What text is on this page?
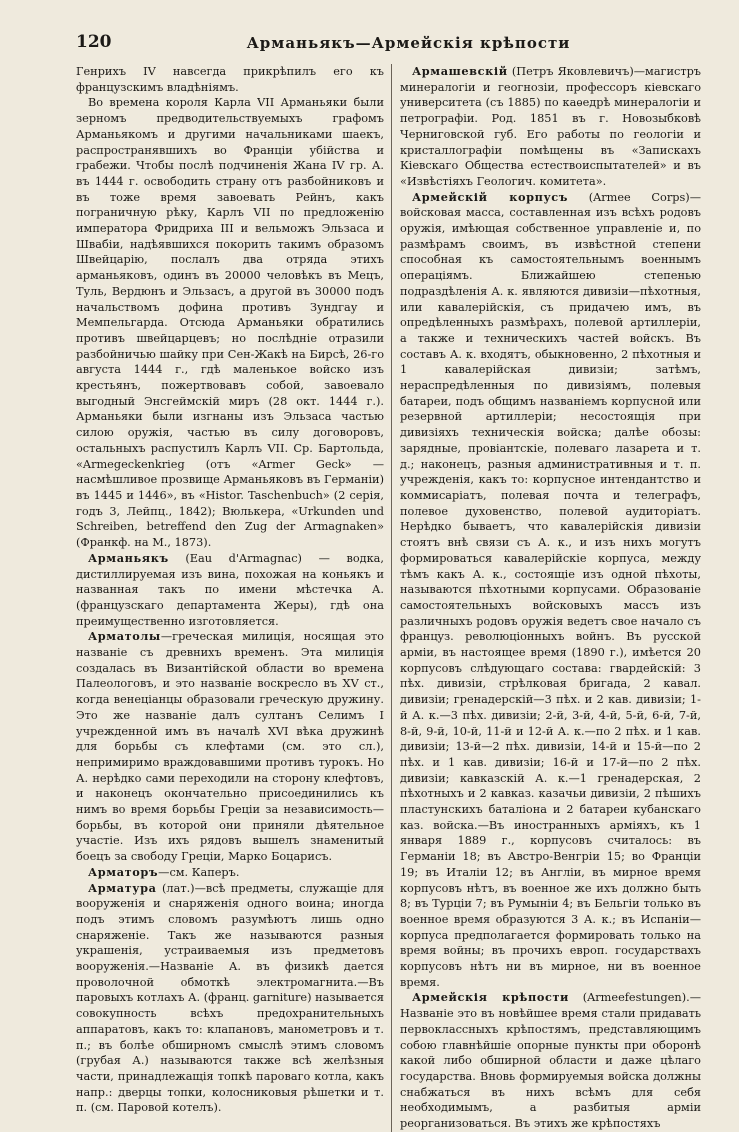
120	Арманьякъ—Армейскія крѣпости

Генрихъ IV навсегда прикрѣпилъ его къ французскимъ владѣніямъ.

Во времена короля Карла VII Арманьяки были зерномъ предводительствуемыхъ графомъ Арманьякомъ и другими начальниками шаекъ, распространявшихъ во Франціи убійства и грабежи. Чтобы послѣ подчиненія Жана IV гр. А. въ 1444 г. освободить страну отъ разбойниковъ и въ тоже время завоевать Рейнъ, какъ пограничную рѣку, Карлъ VII по предложенію императора Фридриха III и вельможъ Эльзаса и Швабіи, надѣявшихся покорить такимъ образомъ Швейцарію, послалъ два отряда этихъ арманьяковъ, одинъ въ 20000 человѣкъ въ Мецъ, Туль, Вердюнъ и Эльзасъ, а другой въ 30000 подъ начальствомъ дофина противъ Зундгау и Мемпельгарда. Отсюда Арманьяки обратились противъ швейцарцевъ; но послѣдніе отразили разбойничью шайку при Сен-Жакѣ на Бирсѣ, 26-го августа 1444 г., гдѣ маленькое войско изъ крестьянъ, пожертвовавъ собой, завоевало выгодный Энсгеймскій миръ (28 окт. 1444 г.). Арманьяки были изгнаны изъ Эльзаса частью силою оружія, частью въ силу договоровъ, остальныхъ распустилъ Карлъ VII. Ср. Бартольда, «Armegeckenkrieg (отъ «Armer Geck» —насмѣшливое прозвище Арманьяковъ въ Германіи) въ 1445 и 1446», въ «Histor. Taschenbuch» (2 серія, годъ 3, Лейпц., 1842); Вюлькера, «Urkunden und Schreiben, betreffend den Zug der Armagnaken» (Франкф. на М., 1873).

Арманьякъ (Eau d'Armagnac) — водка, дистиллируемая изъ вина, похожая на коньякъ и названная такъ по имени мѣстечка А. (французскаго департамента Жеры), гдѣ она преимущественно изготовляется.

Арматолы—греческая милиція, носящая это названіе съ древнихъ временъ. Эта милиція создалась въ Византійской области во времена Палеологовъ, и это названіе воскресло въ XV ст., когда венеціанцы образовали греческую дружину. Это же названіе далъ султанъ Селимъ I учрежденной имъ въ началѣ XVI вѣка дружинѣ для борьбы съ клефтами (см. это сл.), непримиримо враждовавшими противъ турокъ. Но А. нерѣдко сами переходили на сторону клефтовъ, и наконецъ окончательно присоединились къ нимъ во время борьбы Греціи за независимость—борьбы, въ которой они приняли дѣятельное участіе. Изъ ихъ рядовъ вышелъ знаменитый боецъ за свободу Греціи, Марко Боцарисъ.

Арматоръ—см. Каперъ.

Арматура (лат.)—всѣ предметы, служащіе для вооруженія и снаряженія одного воина; иногда подъ этимъ словомъ разумѣютъ лишь одно снаряженіе. Такъ же называются разныя украшенія, устраиваемыя изъ предметовъ вооруженія.—Названіе А. въ физикѣ дается проволочной обмоткѣ электромагнита.—Въ паровыхъ котлахъ А. (франц. garniture) называется совокупность всѣхъ предохранительныхъ аппаратовъ, какъ то: клапановъ, манометровъ и т. п.; въ болѣе обширномъ смыслѣ этимъ словомъ (грубая А.) называются также всѣ желѣзныя части, принадлежащія топкѣ пароваго котла, какъ напр.: дверцы топки, колосниковыя рѣшетки и т. п. (см. Паровой котелъ).

Армашевскій (Петръ Яковлевичъ)—магистръ минералогіи и геогнозіи, профессоръ кіевскаго университета (съ 1885) по каѳедрѣ минералогіи и петрографіи. Род. 1851 въ г. Новозыбковѣ Черниговской губ. Его работы по геологіи и кристаллографіи помѣщены въ «Запискахъ Кіевскаго Общества естествоиспытателей» и въ «Извѣстіяхъ Геологич. комитета».

Армейскій корпусъ (Armee Corps)—войсковая масса, составленная изъ всѣхъ родовъ оружія, имѣющая собственное управленіе и, по размѣрамъ своимъ, въ извѣстной степени способная къ самостоятельнымъ военнымъ операціямъ. Ближайшею степенью подраздѣленія А. к. являются дивизіи—пѣхотныя, или кавалерійскія, съ придачею имъ, въ опредѣленныхъ размѣрахъ, полевой артиллеріи, а также и техническихъ частей войскъ. Въ составъ А. к. входятъ, обыкновенно, 2 пѣхотныя и 1 кавалерійская дивизіи; затѣмъ, нераспредѣленныя по дивизіямъ, полевыя батареи, подъ общимъ названіемъ корпусной или резервной артиллеріи; несостоящія при дивизіяхъ техническія войска; далѣе обозы: зарядные, провіантскіе, полеваго лазарета и т. д.; наконецъ, разныя административныя и т. п. учрежденія, какъ то: корпусное интендантство и коммисаріатъ, полевая почта и телеграфъ, полевое духовенство, полевой аудиторіатъ. Нерѣдко бываетъ, что кавалерійскія дивизіи стоятъ внѣ связи съ А. к., и изъ нихъ могутъ формироваться кавалерійскіе корпуса, между тѣмъ какъ А. к., состоящіе изъ одной пѣхоты, называются пѣхотными корпусами. Образованіе самостоятельныхъ войсковыхъ массъ изъ различныхъ родовъ оружія ведетъ свое начало съ францyз. революціонныхъ войнъ. Въ русской арміи, въ настоящее время (1890 г.), имѣется 20 корпусовъ слѣдующаго состава: гвардейскій: 3 пѣх. дивизіи, стрѣлковая бригада, 2 кавал. дивизіи; гренадерскій—3 пѣх. и 2 кав. дивизіи; 1-й А. к.—3 пѣх. дивизіи; 2-й, 3-й, 4-й, 5-й, 6-й, 7-й, 8-й, 9-й, 10-й, 11-й и 12-й А. к.—по 2 пѣх. и 1 кав. дивизіи; 13-й—2 пѣх. дивизіи, 14-й и 15-й—по 2 пѣх. и 1 кав. дивизіи; 16-й и 17-й—по 2 пѣх. дивизіи; кавказскій А. к.—1 гренадерская, 2 пѣхотныхъ и 2 кавказ. казачьи дивизіи, 2 пѣшихъ пластунскихъ баталіона и 2 батареи кубанскаго каз. войска.—Въ иностранныхъ арміяхъ, къ 1 января 1889 г., корпусовъ считалось: въ Германіи 18; въ Австро-Венгріи 15; во Франціи 19; въ Италіи 12; въ Англіи, въ мирное время корпусовъ нѣтъ, въ военное же ихъ должно быть 8; въ Турціи 7; въ Румыніи 4; въ Бельгіи только въ военное время образуются 3 А. к.; въ Испаніи—корпуса предполагается формировать только на время войны; въ прочихъ европ. государствахъ корпусовъ нѣтъ ни въ мирное, ни въ военное время.

Армейскія крѣпости (Armeefestungen).—Названіе это въ новѣйшее время стали придавать первоклассныхъ крѣпостямъ, представляющимъ собою главнѣйшіе опорные пункты при оборонѣ какой либо обширной области и даже цѣлаго государства. Вновь формируемыя войска должны снабжаться въ нихъ всѣмъ для себя необходимымъ, а разбитыя арміи реорганизоваться. Въ этихъ же крѣпостяхъ
